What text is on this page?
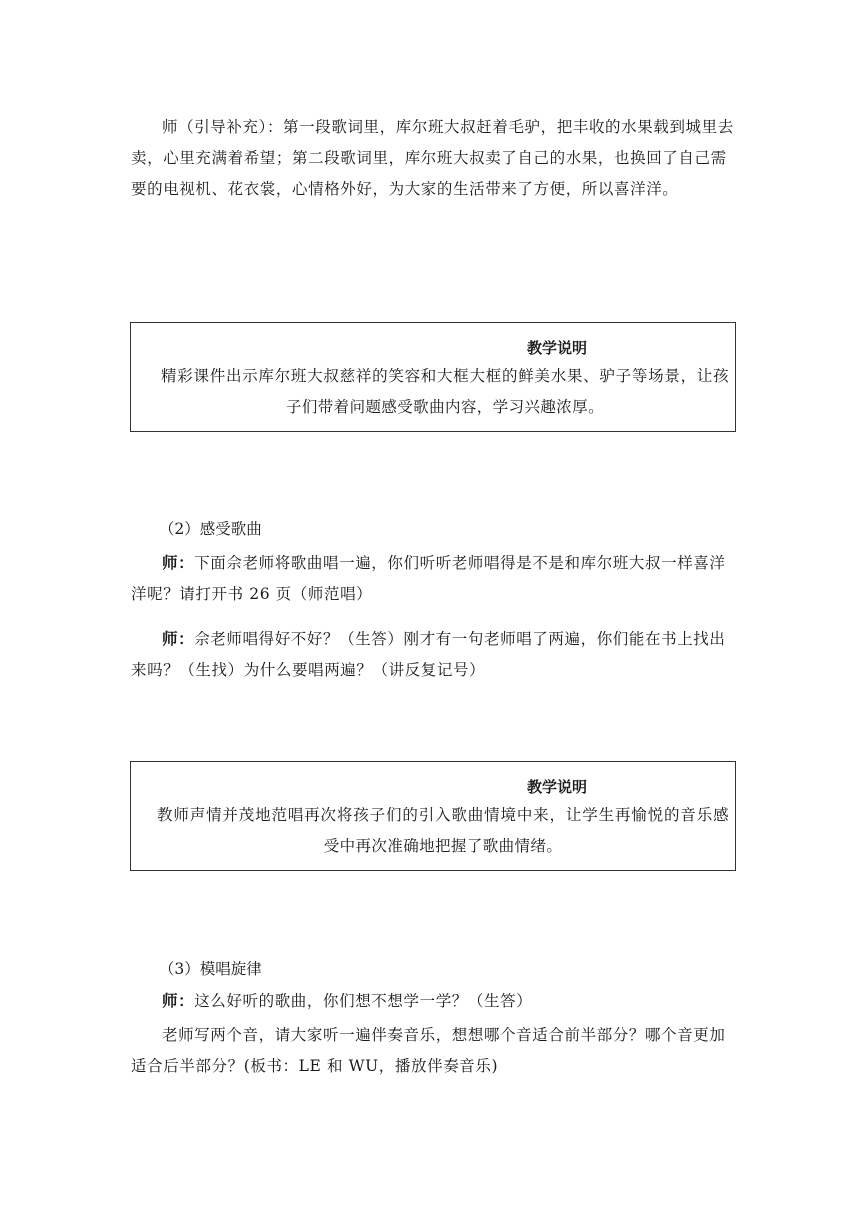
师（引导补充）：第一段歌词里，库尔班大叔赶着毛驴，把丰收的水果载到城里去卖，心里充满着希望；第二段歌词里，库尔班大叔卖了自己的水果，也换回了自己需要的电视机、花衣裳，心情格外好，为大家的生活带来了方便，所以喜洋洋。

教学说明
精彩课件出示库尔班大叔慈祥的笑容和大框大框的鲜美水果、驴子等场景，让孩子们带着问题感受歌曲内容，学习兴趣浓厚。

（2）感受歌曲

师：下面佘老师将歌曲唱一遍，你们听听老师唱得是不是和库尔班大叔一样喜洋洋呢？请打开书 26 页（师范唱）

师：佘老师唱得好不好？（生答）刚才有一句老师唱了两遍，你们能在书上找出来吗？（生找）为什么要唱两遍？（讲反复记号）

教学说明
教师声情并茂地范唱再次将孩子们的引入歌曲情境中来，让学生再愉悦的音乐感受中再次准确地把握了歌曲情绪。

（3）模唱旋律

师：这么好听的歌曲，你们想不想学一学？（生答）

老师写两个音，请大家听一遍伴奏音乐，想想哪个音适合前半部分？哪个音更加适合后半部分？(板书：LE 和 WU，播放伴奏音乐)
